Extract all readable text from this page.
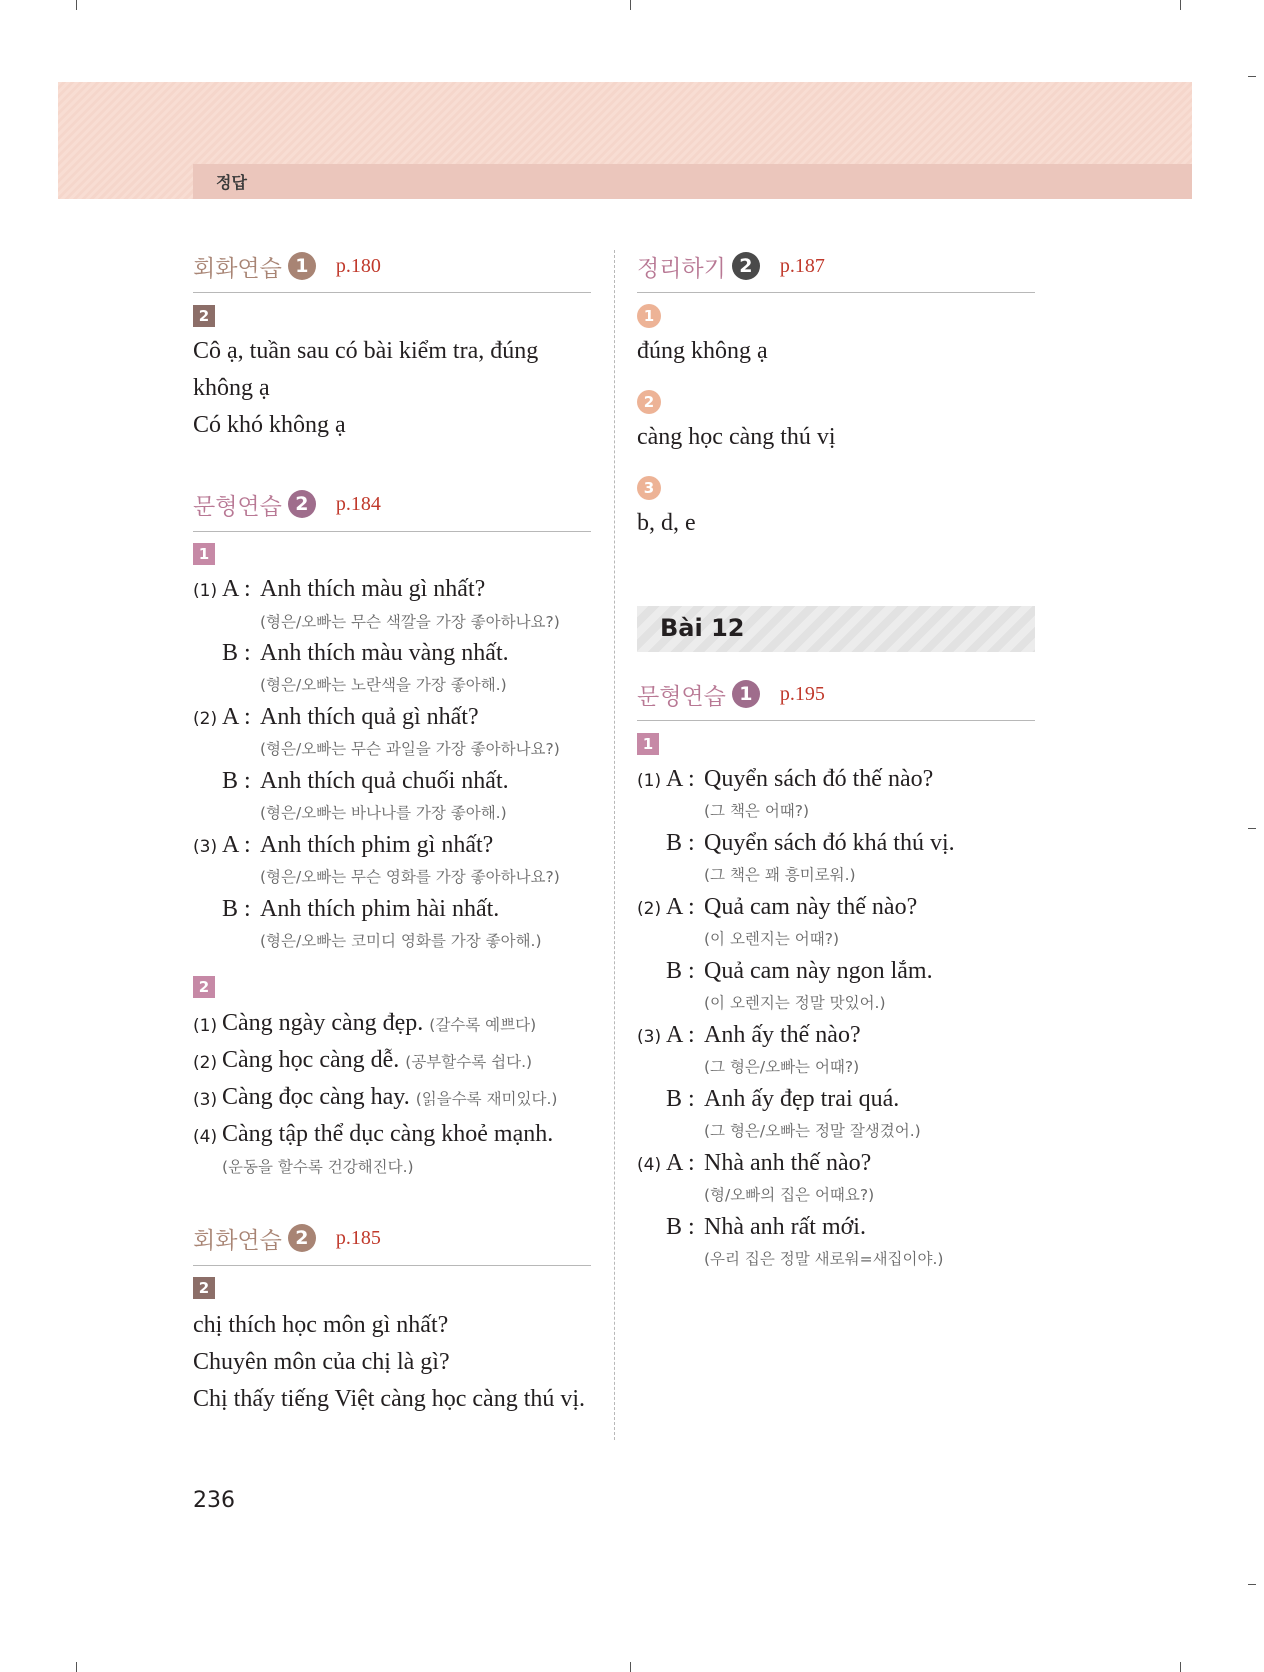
정답
회화연습 1	p.180
2
Cô ạ, tuần sau có bài kiểm tra, đúng
không ạ
Có khó không ạ
문형연습 2	p.184
1
(1) A : Anh thích màu gì nhất?
(형은/오빠는 무슨 색깔을 가장 좋아하나요?)
B : Anh thích màu vàng nhất.
(형은/오빠는 노란색을 가장 좋아해.)
(2) A : Anh thích quả gì nhất?
(형은/오빠는 무슨 과일을 가장 좋아하나요?)
B : Anh thích quả chuối nhất.
(형은/오빠는 바나나를 가장 좋아해.)
(3) A : Anh thích phim gì nhất?
(형은/오빠는 무슨 영화를 가장 좋아하나요?)
B : Anh thích phim hài nhất.
(형은/오빠는 코미디 영화를 가장 좋아해.)
2
(1) Càng ngày càng đẹp. (갈수록 예쁘다)
(2) Càng học càng dễ. (공부할수록 쉽다.)
(3) Càng đọc càng hay. (읽을수록 재미있다.)
(4) Càng tập thể dục càng khoẻ mạnh.
(운동을 할수록 건강해진다.)
회화연습 2	p.185
2
chị thích học môn gì nhất?
Chuyên môn của chị là gì?
Chị thấy tiếng Việt càng học càng thú vị.
정리하기 2	p.187
1
đúng không ạ
2
càng học càng thú vị
3
b, d, e
Bài 12
문형연습 1	p.195
1
(1) A : Quyển sách đó thế nào?
(그 책은 어때?)
B : Quyển sách đó khá thú vị.
(그 책은 꽤 흥미로워.)
(2) A : Quả cam này thế nào?
(이 오렌지는 어때?)
B : Quả cam này ngon lắm.
(이 오렌지는 정말 맛있어.)
(3) A : Anh ấy thế nào?
(그 형은/오빠는 어때?)
B : Anh ấy đẹp trai quá.
(그 형은/오빠는 정말 잘생겼어.)
(4) A : Nhà anh thế nào?
(형/오빠의 집은 어때요?)
B : Nhà anh rất mới.
(우리 집은 정말 새로워=새집이야.)
236
